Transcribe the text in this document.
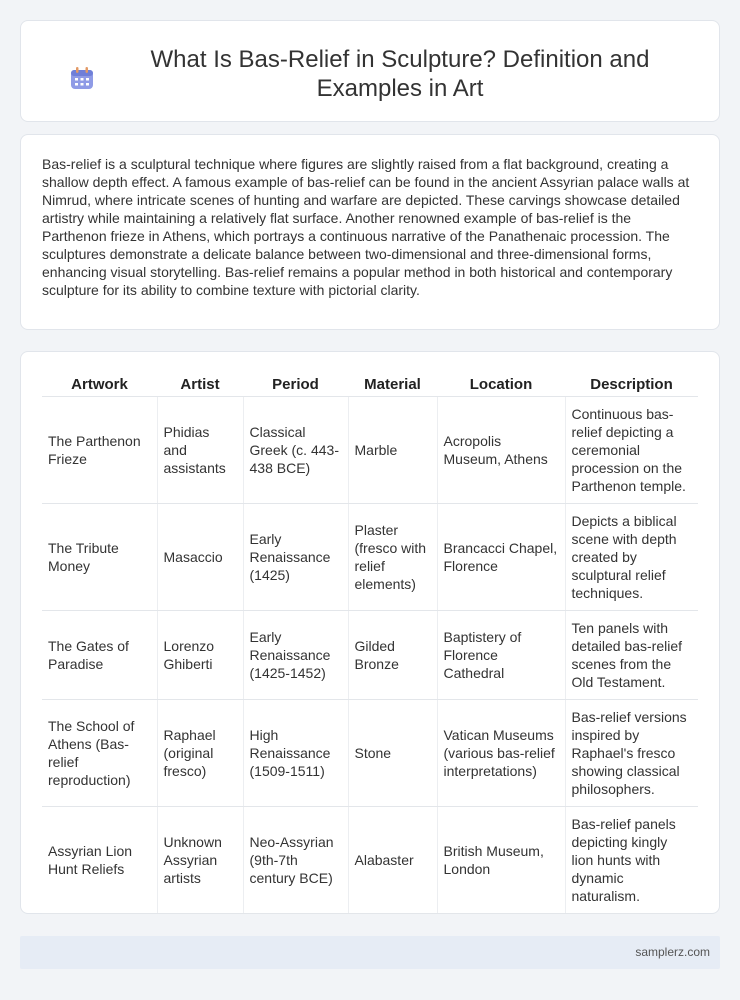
What Is Bas-Relief in Sculpture? Definition and Examples in Art

Bas-relief is a sculptural technique where figures are slightly raised from a flat background, creating a shallow depth effect. A famous example of bas-relief can be found in the ancient Assyrian palace walls at Nimrud, where intricate scenes of hunting and warfare are depicted. These carvings showcase detailed artistry while maintaining a relatively flat surface. Another renowned example of bas-relief is the Parthenon frieze in Athens, which portrays a continuous narrative of the Panathenaic procession. The sculptures demonstrate a delicate balance between two-dimensional and three-dimensional forms, enhancing visual storytelling. Bas-relief remains a popular method in both historical and contemporary sculpture for its ability to combine texture with pictorial clarity.

Artwork	Artist	Period	Material	Location	Description
The Parthenon Frieze	Phidias and assistants	Classical Greek (c. 443-438 BCE)	Marble	Acropolis Museum, Athens	Continuous bas-relief depicting a ceremonial procession on the Parthenon temple.
The Tribute Money	Masaccio	Early Renaissance (1425)	Plaster (fresco with relief elements)	Brancacci Chapel, Florence	Depicts a biblical scene with depth created by sculptural relief techniques.
The Gates of Paradise	Lorenzo Ghiberti	Early Renaissance (1425-1452)	Gilded Bronze	Baptistery of Florence Cathedral	Ten panels with detailed bas-relief scenes from the Old Testament.
The School of Athens (Bas-relief reproduction)	Raphael (original fresco)	High Renaissance (1509-1511)	Stone	Vatican Museums (various bas-relief interpretations)	Bas-relief versions inspired by Raphael's fresco showing classical philosophers.
Assyrian Lion Hunt Reliefs	Unknown Assyrian artists	Neo-Assyrian (9th-7th century BCE)	Alabaster	British Museum, London	Bas-relief panels depicting kingly lion hunts with dynamic naturalism.
samplerz.com
